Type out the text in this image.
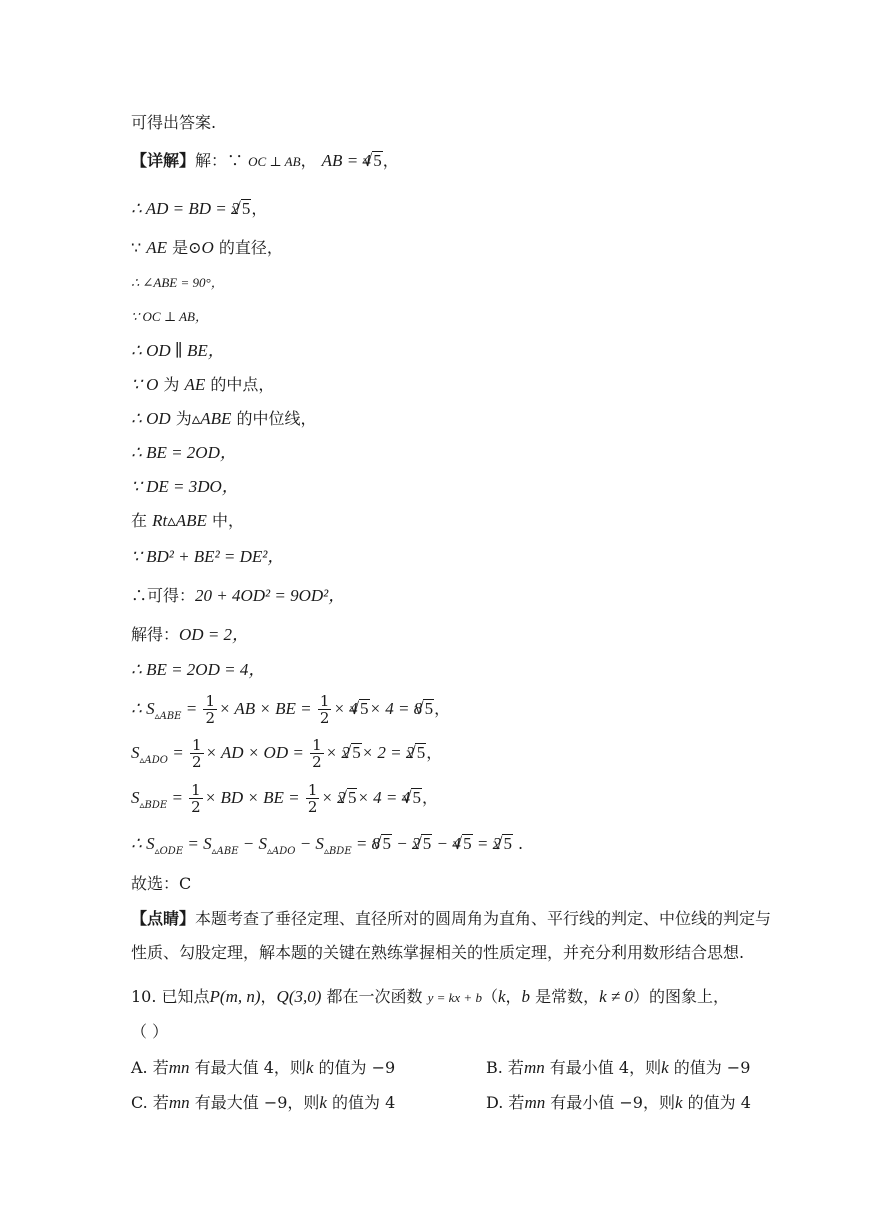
可得出答案.
【详解】解：∵ OC ⊥ AB， AB = 4√ 5，
∴ AD = BD = 2√ 5，
∵ AE 是⊙O 的直径，
∴ ∠ABE = 90°，
∵ OC ⊥ AB，
∴ OD ∥ BE，
∵ O 为 AE 的中点，
∴ OD 为▵ABE 的中位线，
∴ BE = 2OD，
∵ DE = 3DO，
在 Rt▵ABE 中，
∵ BD² + BE² = DE²，
∴可得：20 + 4OD² = 9OD²，
解得：OD = 2，
∴ BE = 2OD = 4，
∴ $S_{▵ABE} = \frac{1}{2}$ × AB × BE = $\frac{1}{2} \times 4√$ 5× 4 = 8√ 5，
$S_{▵ADO} = \frac{1}{2}$ × AD × OD = $\frac{1}{2} \times 2√$ 5× 2 = 2√ 5，
$S_{▵BDE} = \frac{1}{2}$ × BD × BE = $\frac{1}{2} \times 2√$ 5× 4 = 4√ 5，
∴ $S_{▵ODE} = S_{▵ABE} - S_{▵ADO} - S_{▵BDE} = 8√$ 5 − 2√ 5 − 4√ 5 = 2√ 5 .
故选：C
【点睛】本题考查了垂径定理、直径所对的圆周角为直角、平行线的判定、中位线的判定与
性质、勾股定理，解本题的关键在熟练掌握相关的性质定理，并充分利用数形结合思想.
10. 已知点P(m, n)，Q(3,0) 都在一次函数 y = kx + b（k，b 是常数，k ≠ 0）的图象上，
（ ）
A. 若mn 有最大值 4，则k 的值为 −9	B. 若mn 有最小值 4，则k 的值为 −9
C. 若mn 有最大值 −9，则k 的值为 4	D. 若mn 有最小值 −9，则k 的值为 4
